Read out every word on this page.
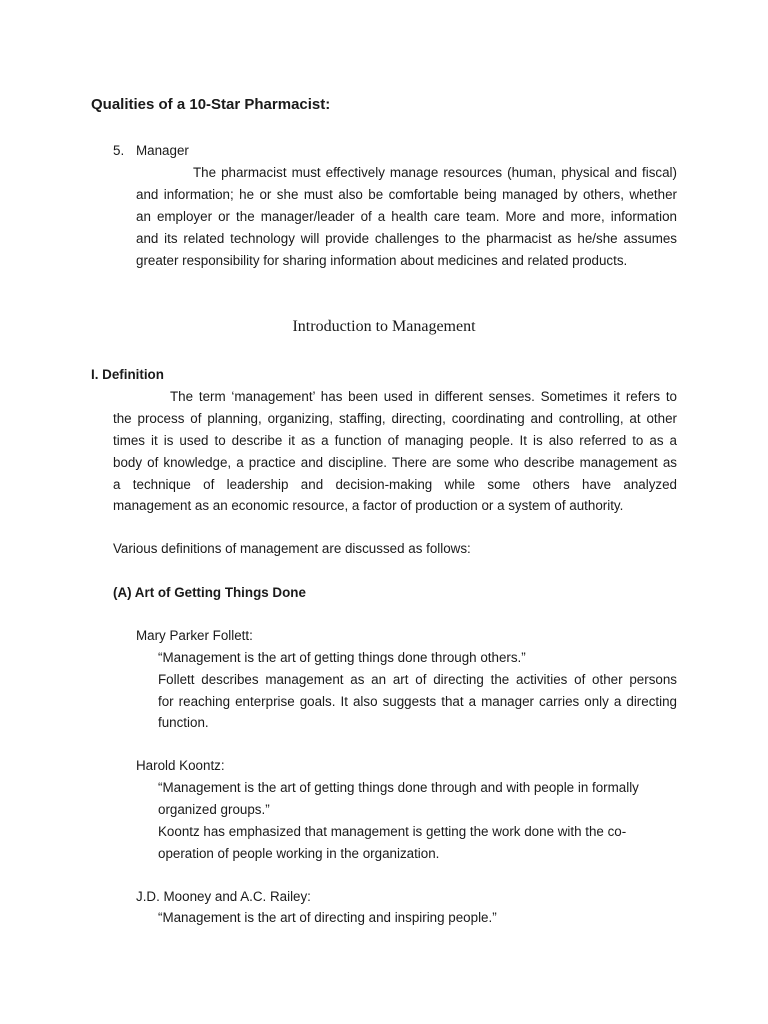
Qualities of a 10-Star Pharmacist:
5. Manager
The pharmacist must effectively manage resources (human, physical and fiscal)
and information; he or she must also be comfortable being managed by others, whether
an employer or the manager/leader of a health care team. More and more, information
and its related technology will provide challenges to the pharmacist as he/she assumes
greater responsibility for sharing information about medicines and related products.
Introduction to Management
I. Definition
The term ‘management’ has been used in different senses. Sometimes it refers to
the process of planning, organizing, staffing, directing, coordinating and controlling, at other
times it is used to describe it as a function of managing people. It is also referred to as a
body of knowledge, a practice and discipline. There are some who describe management as
a technique of leadership and decision-making while some others have analyzed
management as an economic resource, a factor of production or a system of authority.
Various definitions of management are discussed as follows:
(A) Art of Getting Things Done
Mary Parker Follett:
“Management is the art of getting things done through others.”
Follett describes management as an art of directing the activities of other persons
for reaching enterprise goals. It also suggests that a manager carries only a directing
function.
Harold Koontz:
“Management is the art of getting things done through and with people in formally
organized groups.”
Koontz has emphasized that management is getting the work done with the co-
operation of people working in the organization.
J.D. Mooney and A.C. Railey:
“Management is the art of directing and inspiring people.”
